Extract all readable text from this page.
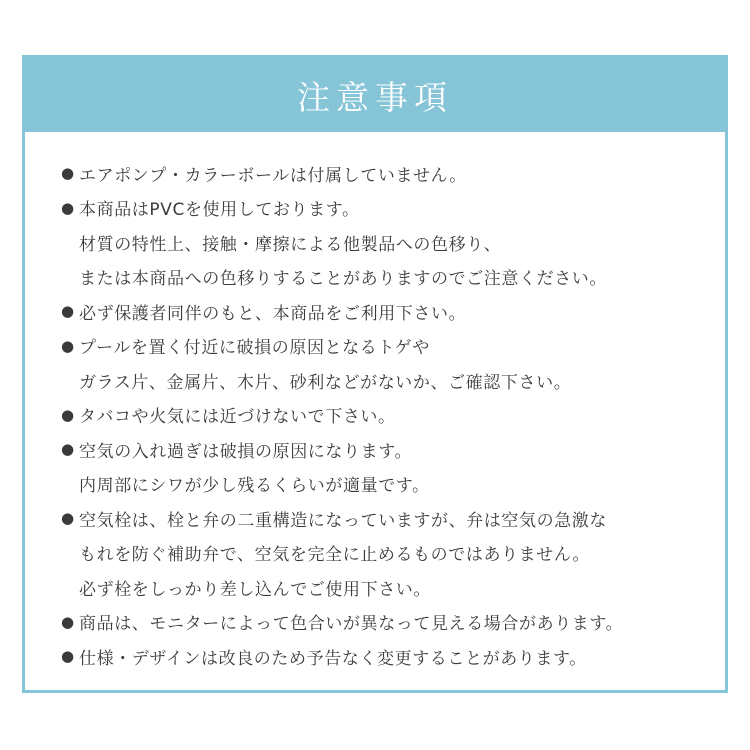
注意事項
● エアポンプ・カラーボールは付属していません。
● 本商品はPVCを使用しております。
材質の特性上、接触・摩擦による他製品への色移り、
または本商品への色移りすることがありますのでご注意ください。
● 必ず保護者同伴のもと、本商品をご利用下さい。
● プールを置く付近に破損の原因となるトゲや
ガラス片、金属片、木片、砂利などがないか、ご確認下さい。
● タバコや火気には近づけないで下さい。
● 空気の入れ過ぎは破損の原因になります。
内周部にシワが少し残るくらいが適量です。
● 空気栓は、栓と弁の二重構造になっていますが、弁は空気の急激な
もれを防ぐ補助弁で、空気を完全に止めるものではありません。
必ず栓をしっかり差し込んでご使用下さい。
● 商品は、モニターによって色合いが異なって見える場合があります。
● 仕様・デザインは改良のため予告なく変更することがあります。
